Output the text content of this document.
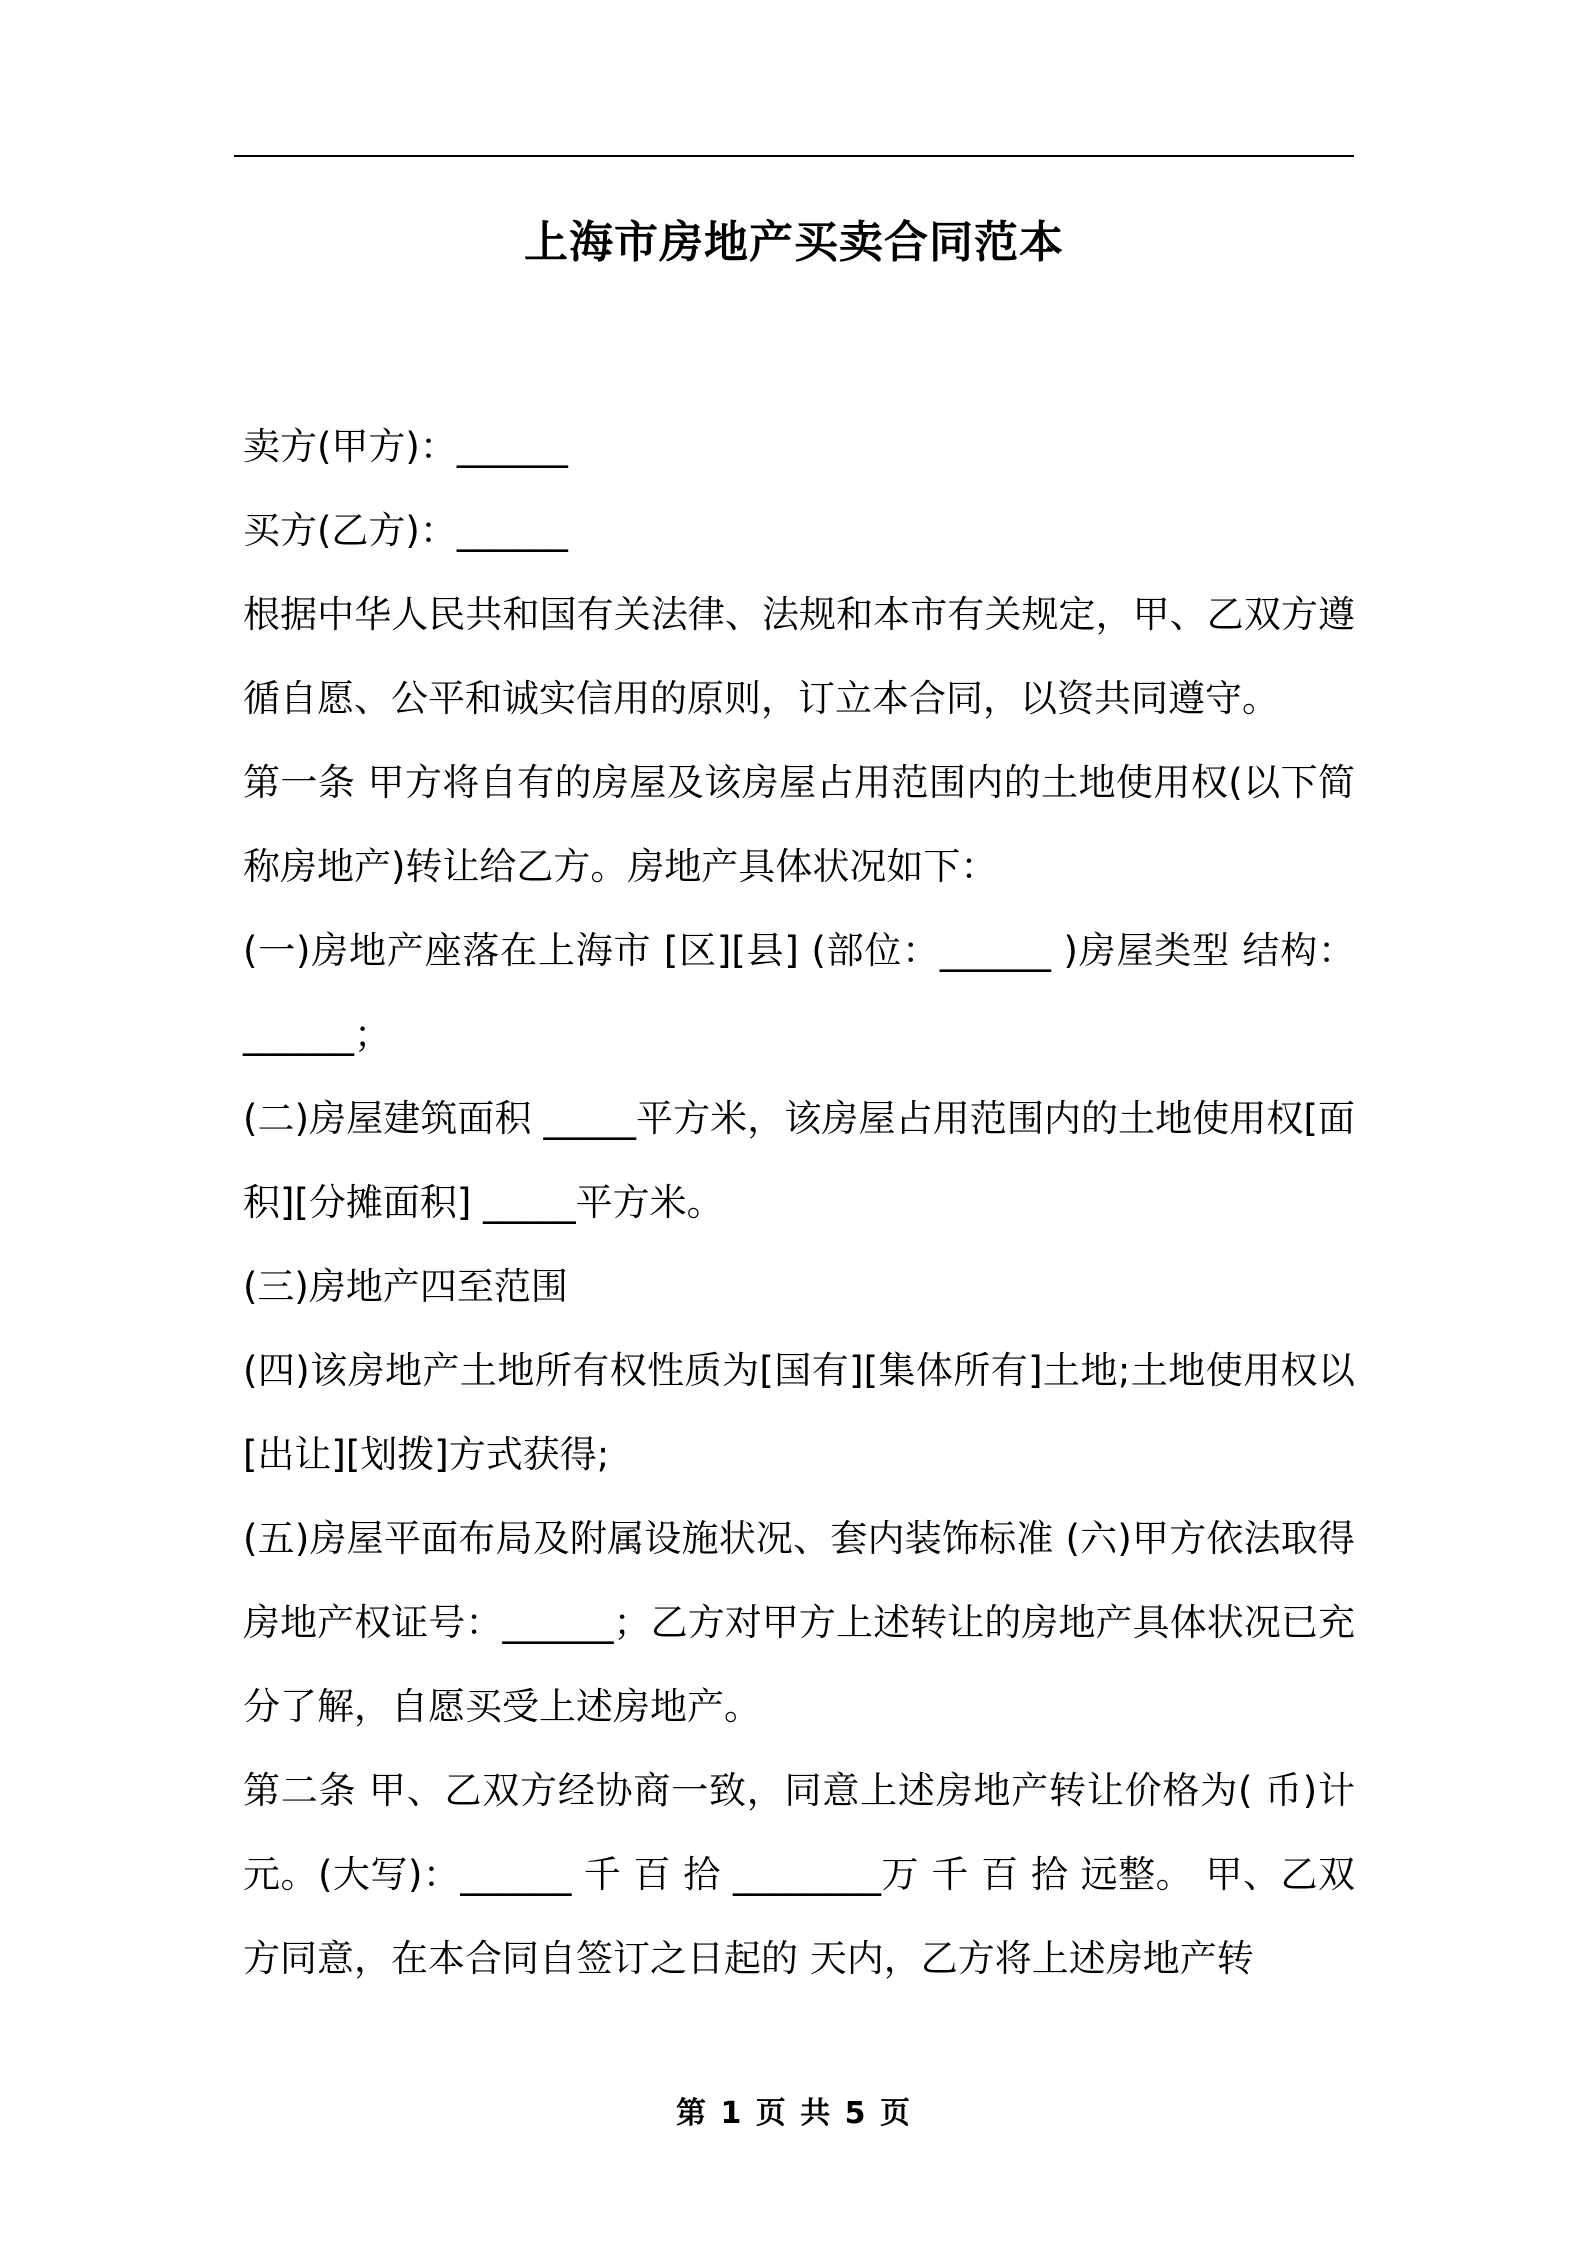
上海市房地产买卖合同范本

卖方(甲方)：______

买方(乙方)：______

根据中华人民共和国有关法律、法规和本市有关规定，甲、乙双方遵循自愿、公平和诚实信用的原则，订立本合同，以资共同遵守。

第一条 甲方将自有的房屋及该房屋占用范围内的土地使用权(以下简称房地产)转让给乙方。房地产具体状况如下：

(一)房地产座落在上海市 [区][县] (部位：______ )房屋类型 结构：______；

(二)房屋建筑面积 _____平方米，该房屋占用范围内的土地使用权[面积][分摊面积] _____平方米。

(三)房地产四至范围

(四)该房地产土地所有权性质为[国有][集体所有]土地;土地使用权以[出让][划拨]方式获得;

(五)房屋平面布局及附属设施状况、套内装饰标准 (六)甲方依法取得房地产权证号：______；乙方对甲方上述转让的房地产具体状况已充分了解，自愿买受上述房地产。

第二条 甲、乙双方经协商一致，同意上述房地产转让价格为( 币)计元。(大写)：______ 千 百 拾 ________万 千 百 拾 远整。 甲、乙双方同意，在本合同自签订之日起的 天内，乙方将上述房地产转

第 1 页 共 5 页
